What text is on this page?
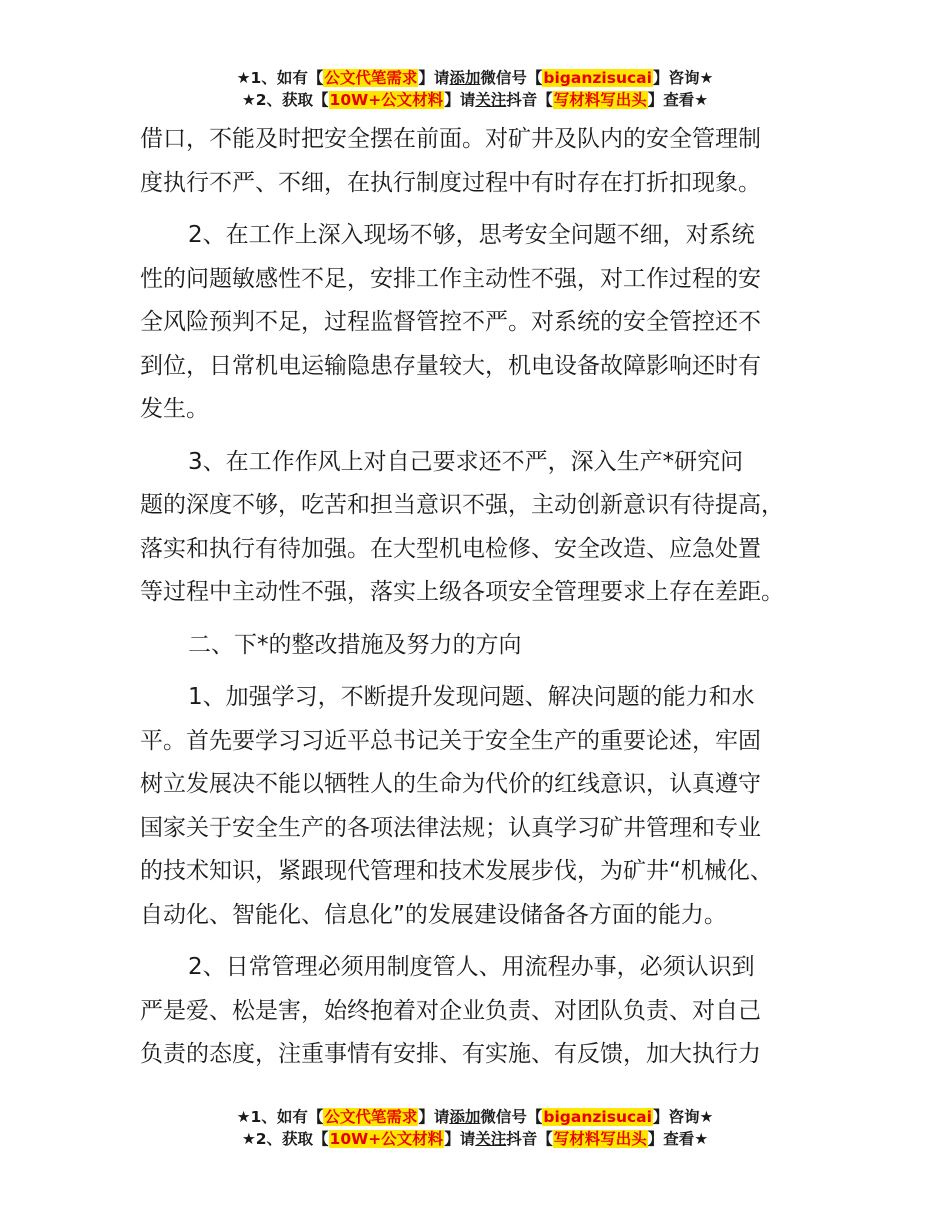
★1、如有【公文代笔需求】请添加微信号【biganzisucai】咨询★
★2、获取【10W+公文材料】请关注抖音【写材料写出头】查看★

借口，不能及时把安全摆在前面。对矿井及队内的安全管理制
度执行不严、不细，在执行制度过程中有时存在打折扣现象。

2、在工作上深入现场不够，思考安全问题不细，对系统
性的问题敏感性不足，安排工作主动性不强，对工作过程的安
全风险预判不足，过程监督管控不严。对系统的安全管控还不
到位，日常机电运输隐患存量较大，机电设备故障影响还时有
发生。

3、在工作作风上对自己要求还不严，深入生产*研究问
题的深度不够，吃苦和担当意识不强，主动创新意识有待提高，
落实和执行有待加强。在大型机电检修、安全改造、应急处置
等过程中主动性不强，落实上级各项安全管理要求上存在差距。

二、下*的整改措施及努力的方向

1、加强学习，不断提升发现问题、解决问题的能力和水
平。首先要学习习近平总书记关于安全生产的重要论述，牢固
树立发展决不能以牺牲人的生命为代价的红线意识，认真遵守
国家关于安全生产的各项法律法规；认真学习矿井管理和专业
的技术知识，紧跟现代管理和技术发展步伐，为矿井“机械化、
自动化、智能化、信息化”的发展建设储备各方面的能力。

2、日常管理必须用制度管人、用流程办事，必须认识到
严是爱、松是害，始终抱着对企业负责、对团队负责、对自己
负责的态度，注重事情有安排、有实施、有反馈，加大执行力

★1、如有【公文代笔需求】请添加微信号【biganzisucai】咨询★
★2、获取【10W+公文材料】请关注抖音【写材料写出头】查看★
